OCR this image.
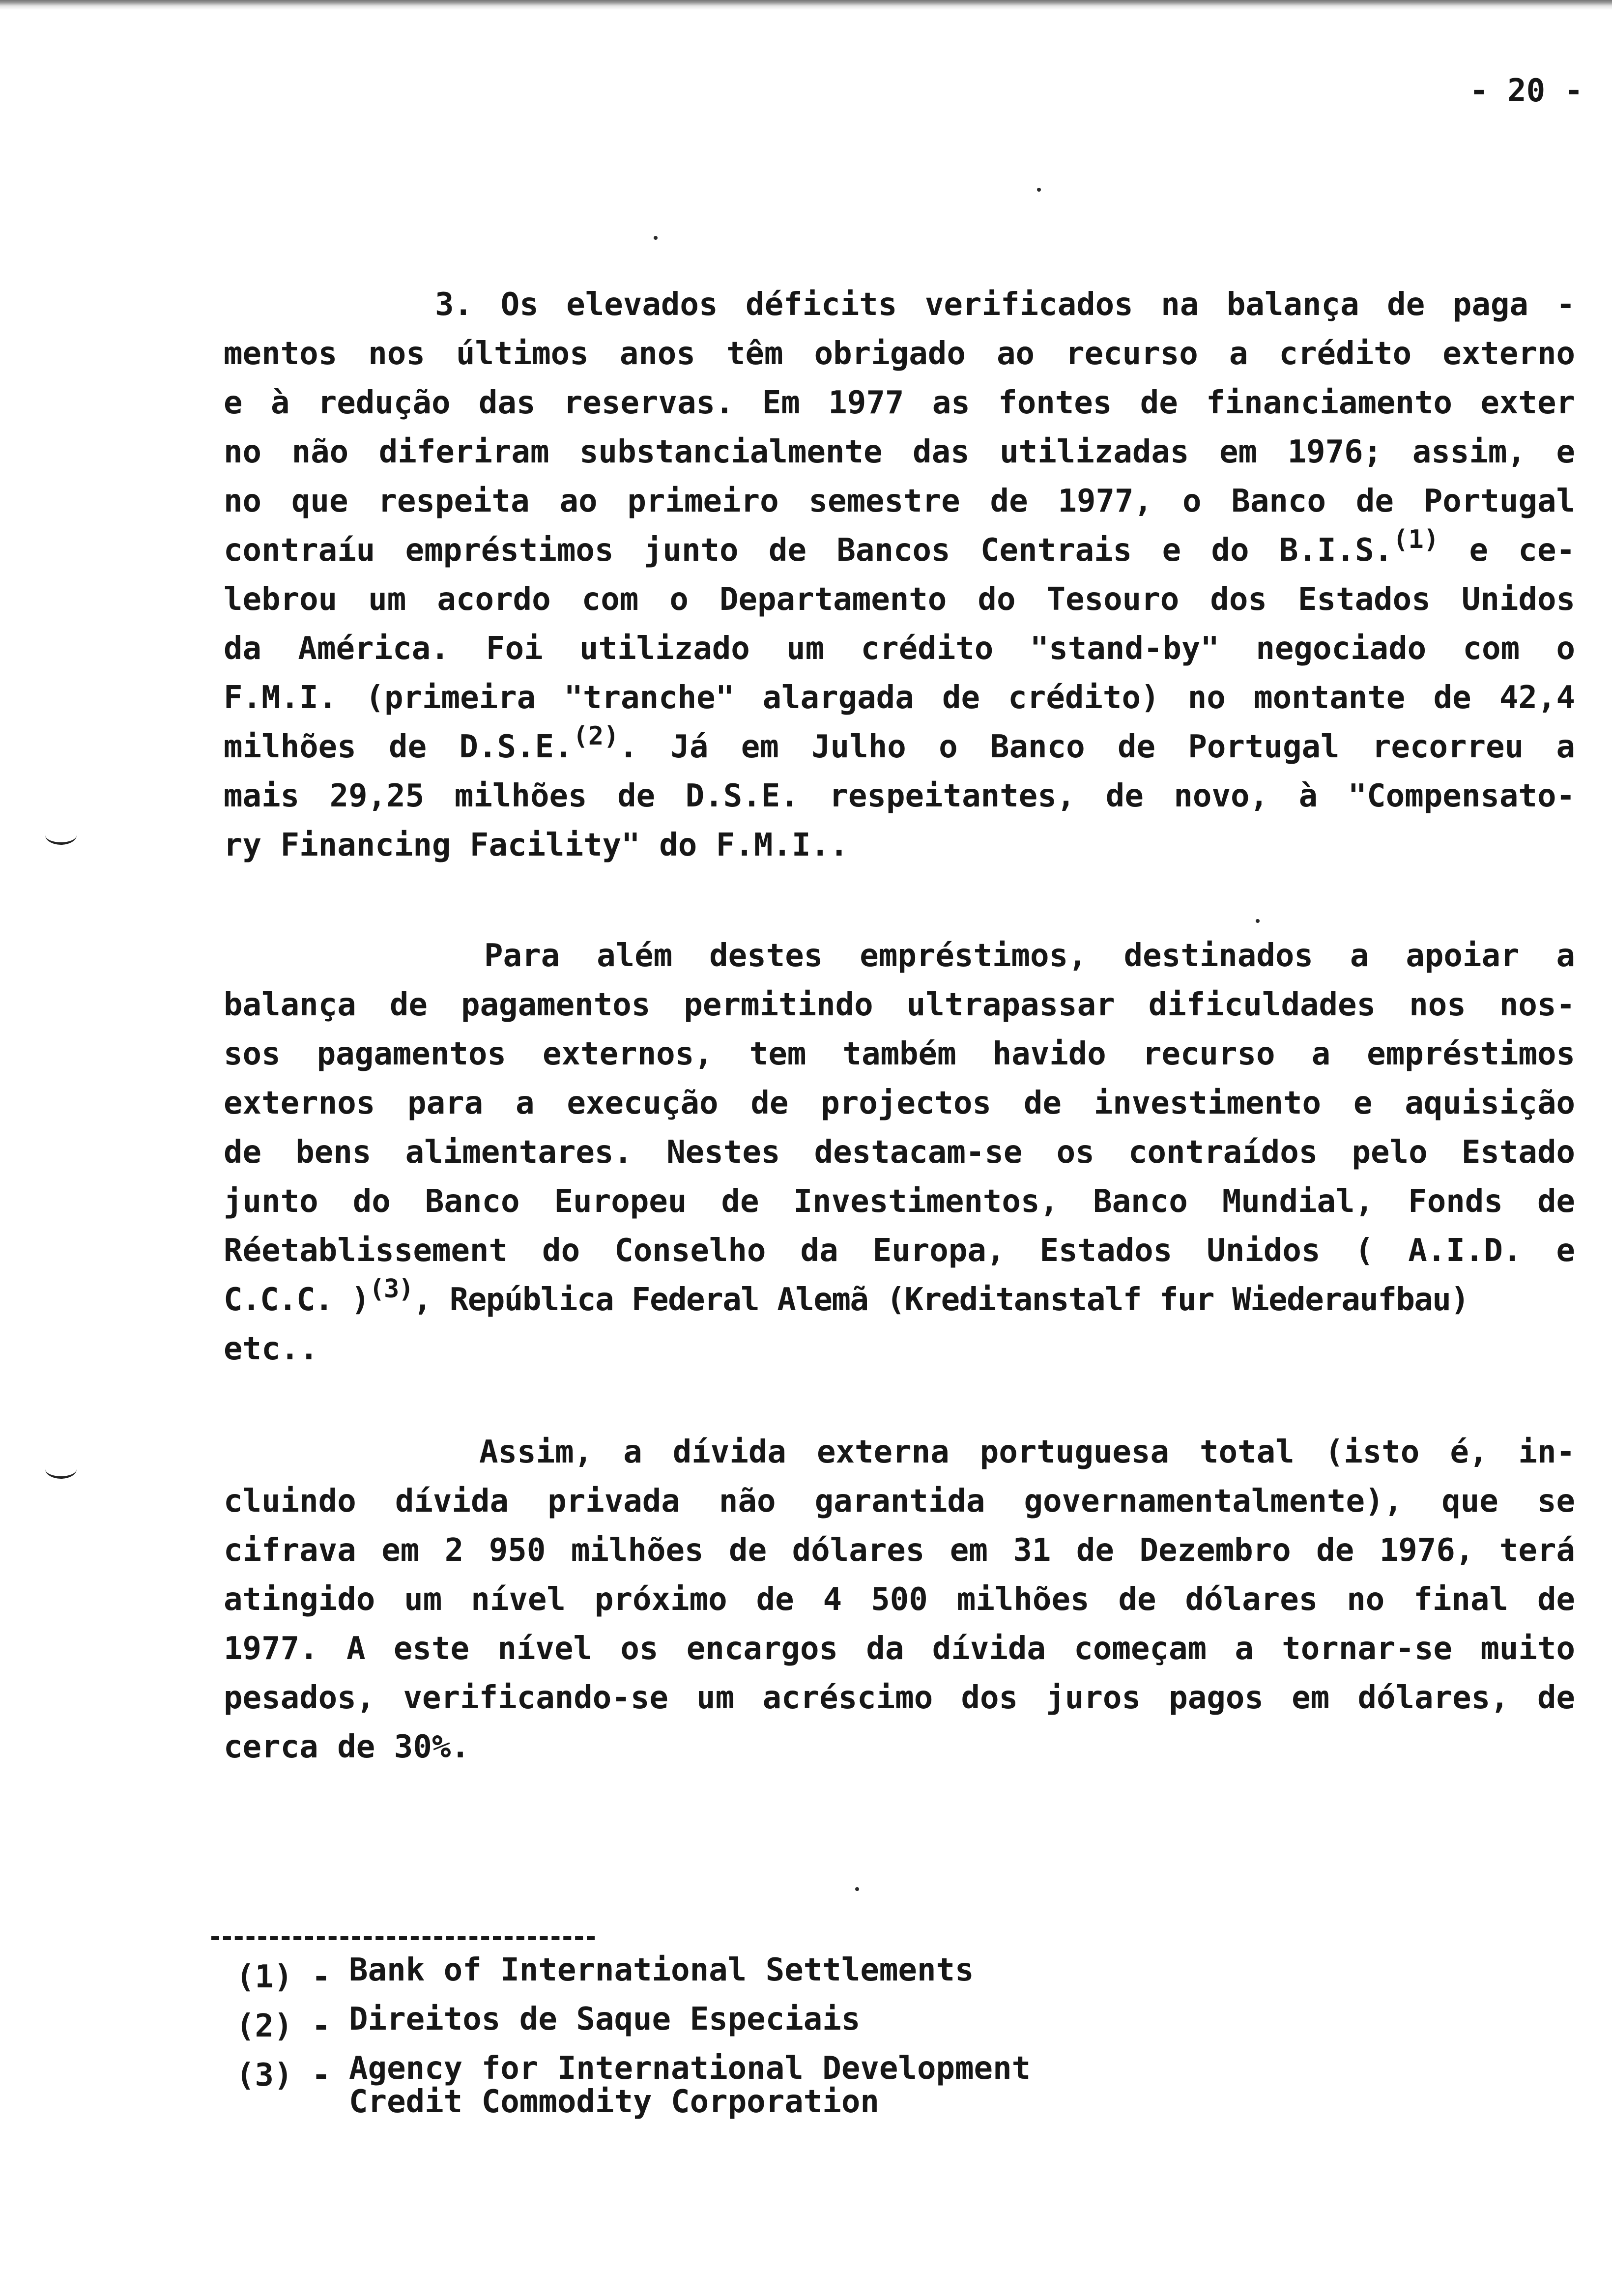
- 20 -
3. Os elevados déficits verificados na balança de paga -
mentos nos últimos anos têm obrigado ao recurso a crédito externo
e à redução das reservas. Em 1977 as fontes de financiamento exter
no não diferiram substancialmente das utilizadas em 1976; assim, e
no que respeita ao primeiro semestre de 1977, o Banco de Portugal
contraíu empréstimos junto de Bancos Centrais e do B.I.S.$^{(1)}$ e ce-
lebrou um acordo com o Departamento do Tesouro dos Estados Unidos
da América. Foi utilizado um crédito "stand-by" negociado com o
F.M.I. (primeira "tranche" alargada de crédito) no montante de 42,4
milhões de D.S.E.$^{(2)}$. Já em Julho o Banco de Portugal recorreu a
mais 29,25 milhões de D.S.E. respeitantes, de novo, à "Compensato-
ry Financing Facility" do F.M.I..
Para além destes empréstimos, destinados a apoiar a
balança de pagamentos permitindo ultrapassar dificuldades nos nos-
sos pagamentos externos, tem também havido recurso a empréstimos
externos para a execução de projectos de investimento e aquisição
de bens alimentares. Nestes destacam-se os contraídos pelo Estado
junto do Banco Europeu de Investimentos, Banco Mundial, Fonds de
Réetablissement do Conselho da Europa, Estados Unidos ( A.I.D. e
C.C.C. )$^{(3)}$, República Federal Alemã (Kreditanstalf fur Wiederaufbau)
etc..
Assim, a dívida externa portuguesa total (isto é, in-
cluindo dívida privada não garantida governamentalmente), que se
cifrava em 2 950 milhões de dólares em 31 de Dezembro de 1976, terá
atingido um nível próximo de 4 500 milhões de dólares no final de
1977. A este nível os encargos da dívida começam a tornar-se muito
pesados, verificando-se um acréscimo dos juros pagos em dólares, de
cerca de 30%.
(1) - Bank of International Settlements
(2) - Direitos de Saque Especiais
(3) - Agency for International Development
Credit Commodity Corporation
